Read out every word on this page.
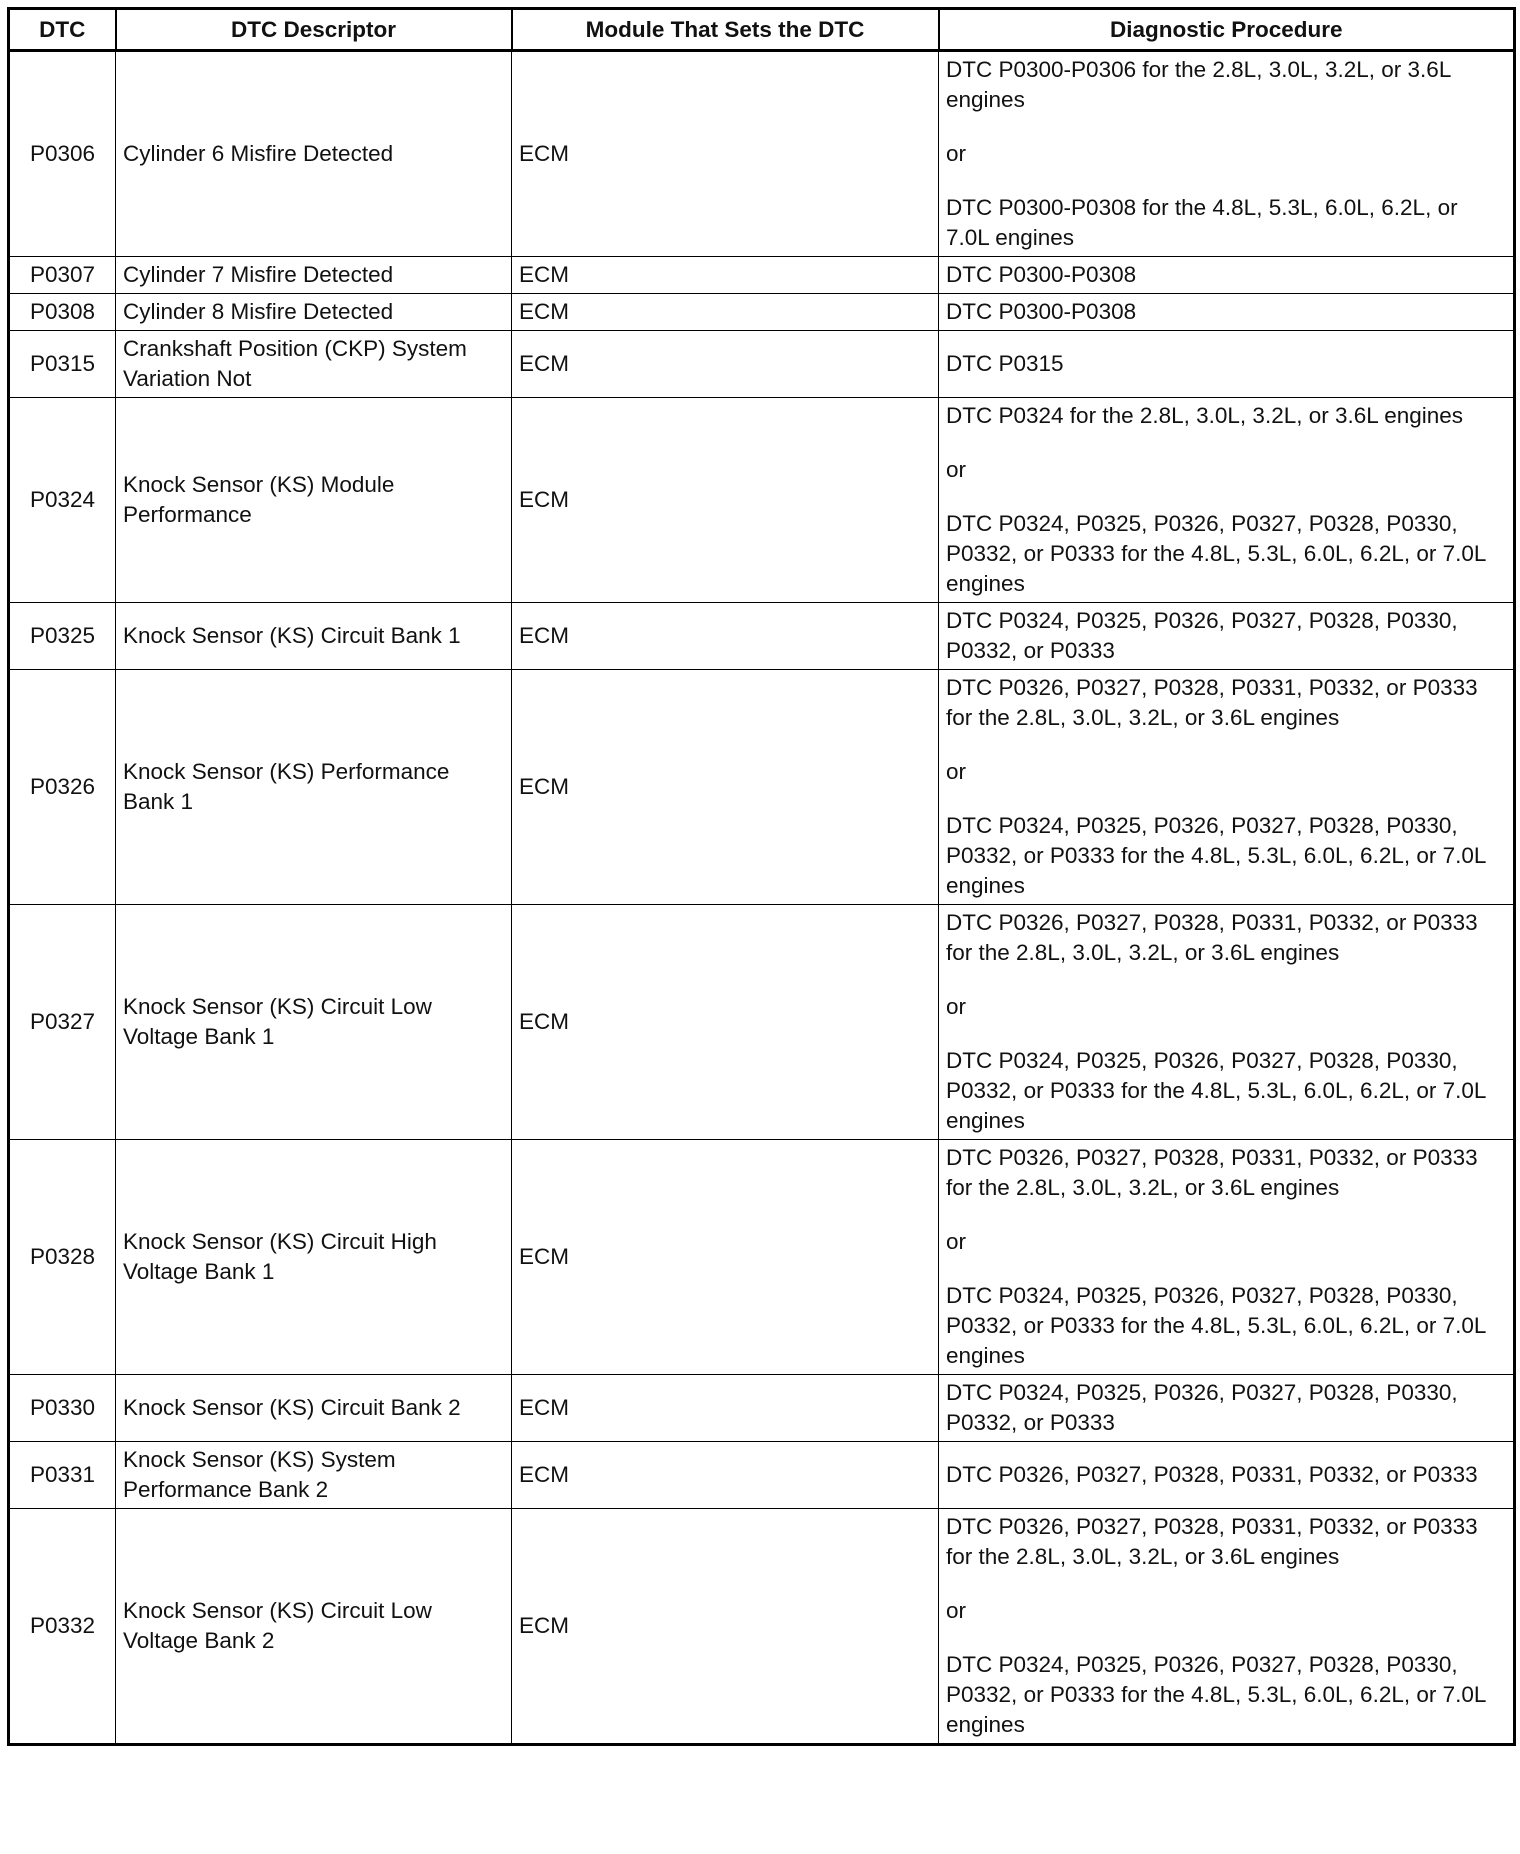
DTC	DTC Descriptor	Module That Sets the DTC	Diagnostic Procedure
P0306	Cylinder 6 Misfire Detected	ECM	DTC P0300-P0306 for the 2.8L, 3.0L, 3.2L, or 3.6L engines
or
DTC P0300-P0308 for the 4.8L, 5.3L, 6.0L, 6.2L, or 7.0L engines

P0307	Cylinder 7 Misfire Detected	ECM	DTC P0300-P0308

P0308	Cylinder 8 Misfire Detected	ECM	DTC P0300-P0308

P0315	Crankshaft Position (CKP) System Variation Not	ECM	DTC P0315

P0324	Knock Sensor (KS) Module Performance	ECM	DTC P0324 for the 2.8L, 3.0L, 3.2L, or 3.6L engines
or
DTC P0324, P0325, P0326, P0327, P0328, P0330, P0332, or P0333 for the 4.8L, 5.3L, 6.0L, 6.2L, or 7.0L engines

P0325	Knock Sensor (KS) Circuit Bank 1	ECM	DTC P0324, P0325, P0326, P0327, P0328, P0330, P0332, or P0333

P0326	Knock Sensor (KS) Performance Bank 1	ECM	DTC P0326, P0327, P0328, P0331, P0332, or P0333 for the 2.8L, 3.0L, 3.2L, or 3.6L engines
or
DTC P0324, P0325, P0326, P0327, P0328, P0330, P0332, or P0333 for the 4.8L, 5.3L, 6.0L, 6.2L, or 7.0L engines

P0327	Knock Sensor (KS) Circuit Low Voltage Bank 1	ECM	DTC P0326, P0327, P0328, P0331, P0332, or P0333 for the 2.8L, 3.0L, 3.2L, or 3.6L engines
or
DTC P0324, P0325, P0326, P0327, P0328, P0330, P0332, or P0333 for the 4.8L, 5.3L, 6.0L, 6.2L, or 7.0L engines

P0328	Knock Sensor (KS) Circuit High Voltage Bank 1	ECM	DTC P0326, P0327, P0328, P0331, P0332, or P0333 for the 2.8L, 3.0L, 3.2L, or 3.6L engines
or
DTC P0324, P0325, P0326, P0327, P0328, P0330, P0332, or P0333 for the 4.8L, 5.3L, 6.0L, 6.2L, or 7.0L engines

P0330	Knock Sensor (KS) Circuit Bank 2	ECM	DTC P0324, P0325, P0326, P0327, P0328, P0330, P0332, or P0333

P0331	Knock Sensor (KS) System Performance Bank 2	ECM	DTC P0326, P0327, P0328, P0331, P0332, or P0333

P0332	Knock Sensor (KS) Circuit Low Voltage Bank 2	ECM	DTC P0326, P0327, P0328, P0331, P0332, or P0333 for the 2.8L, 3.0L, 3.2L, or 3.6L engines
or
DTC P0324, P0325, P0326, P0327, P0328, P0330, P0332, or P0333 for the 4.8L, 5.3L, 6.0L, 6.2L, or 7.0L engines
